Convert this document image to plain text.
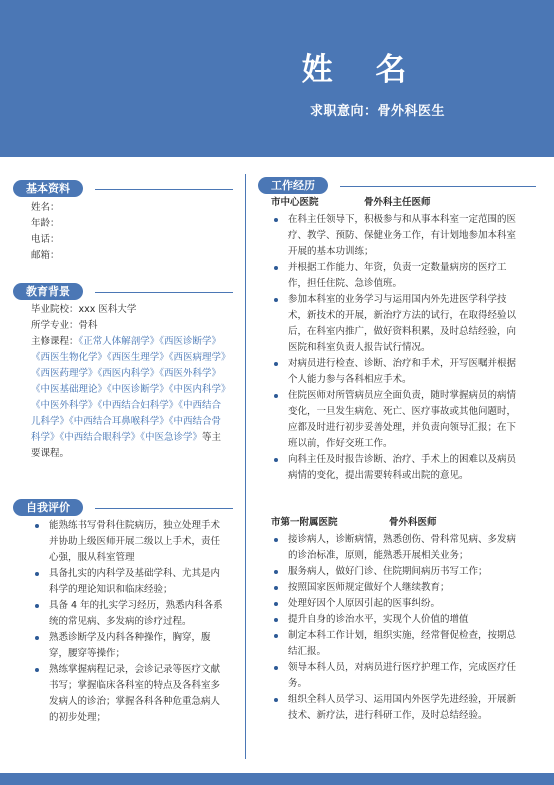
姓 名
求职意向：骨外科医生
基本资料
姓名：
年龄：
电话：
邮箱：
教育背景
毕业院校：xxx 医科大学
所学专业：骨科
主修课程：《正常人体解剖学》《西医诊断学》《西医生物化学》《西医生理学》《西医病理学》《西医药理学》《西医内科学》《西医外科学》《中医基础理论》《中医诊断学》《中医内科学》《中医外科学》《中西结合妇科学》《中西结合儿科学》《中西结合耳鼻喉科学》《中西结合骨科学》《中西结合眼科学》《中医急诊学》等主要课程。
自我评价
能熟练书写骨科住院病历，独立处理手术并协助上级医师开展二级以上手术，责任心强，服从科室管理
具备扎实的内科学及基础学科、尤其是内科学的理论知识和临床经验；
具备 4 年的扎实学习经历，熟悉内科各系统的常见病、多发病的诊疗过程。
熟悉诊断学及内科各种操作，胸穿，腹穿，腰穿等操作；
熟练掌握病程记录，会诊记录等医疗文献书写；掌握临床各科室的特点及各科室多发病人的诊治；掌握各科各种危重急病人的初步处理；
工作经历
市中心医院	骨外科主任医师
在科主任领导下，积极参与和从事本科室一定范围的医疗、教学、预防、保健业务工作，有计划地参加本科室开展的基本功训练；
并根据工作能力、年资，负责一定数量病房的医疗工作，担任住院、急诊值班。
参加本科室的业务学习与运用国内外先进医学科学技术，新技术的开展，新治疗方法的试行，在取得经验以后，在科室内推广，做好资料积累，及时总结经验，向医院和科室负责人报告试行情况。
对病员进行检查、诊断、治疗和手术，开写医嘱并根据个人能力参与各科相应手术。
住院医师对所管病员应全面负责，随时掌握病员的病情变化，一旦发生病危、死亡、医疗事故或其他问题时，应都及时进行初步妥善处理，并负责向领导汇报；在下班以前，作好交班工作。
向科主任及时报告诊断、治疗、手术上的困难以及病员病情的变化，提出需要转科或出院的意见。
市第一附属医院	骨外科医师
接诊病人，诊断病情，熟悉创伤、骨科常见病、多发病的诊治标准，原则，能熟悉开展相关业务；
服务病人，做好门诊、住院期间病历书写工作；
按照国家医师规定做好个人继续教育；
处理好因个人原因引起的医事纠纷。
提升自身的诊治水平，实现个人价值的增值
制定本科工作计划，组织实施，经常督促检查，按期总结汇报。
领导本科人员，对病员进行医疗护理工作，完成医疗任务。
组织全科人员学习、运用国内外医学先进经验，开展新技术、新疗法，进行科研工作，及时总结经验。
